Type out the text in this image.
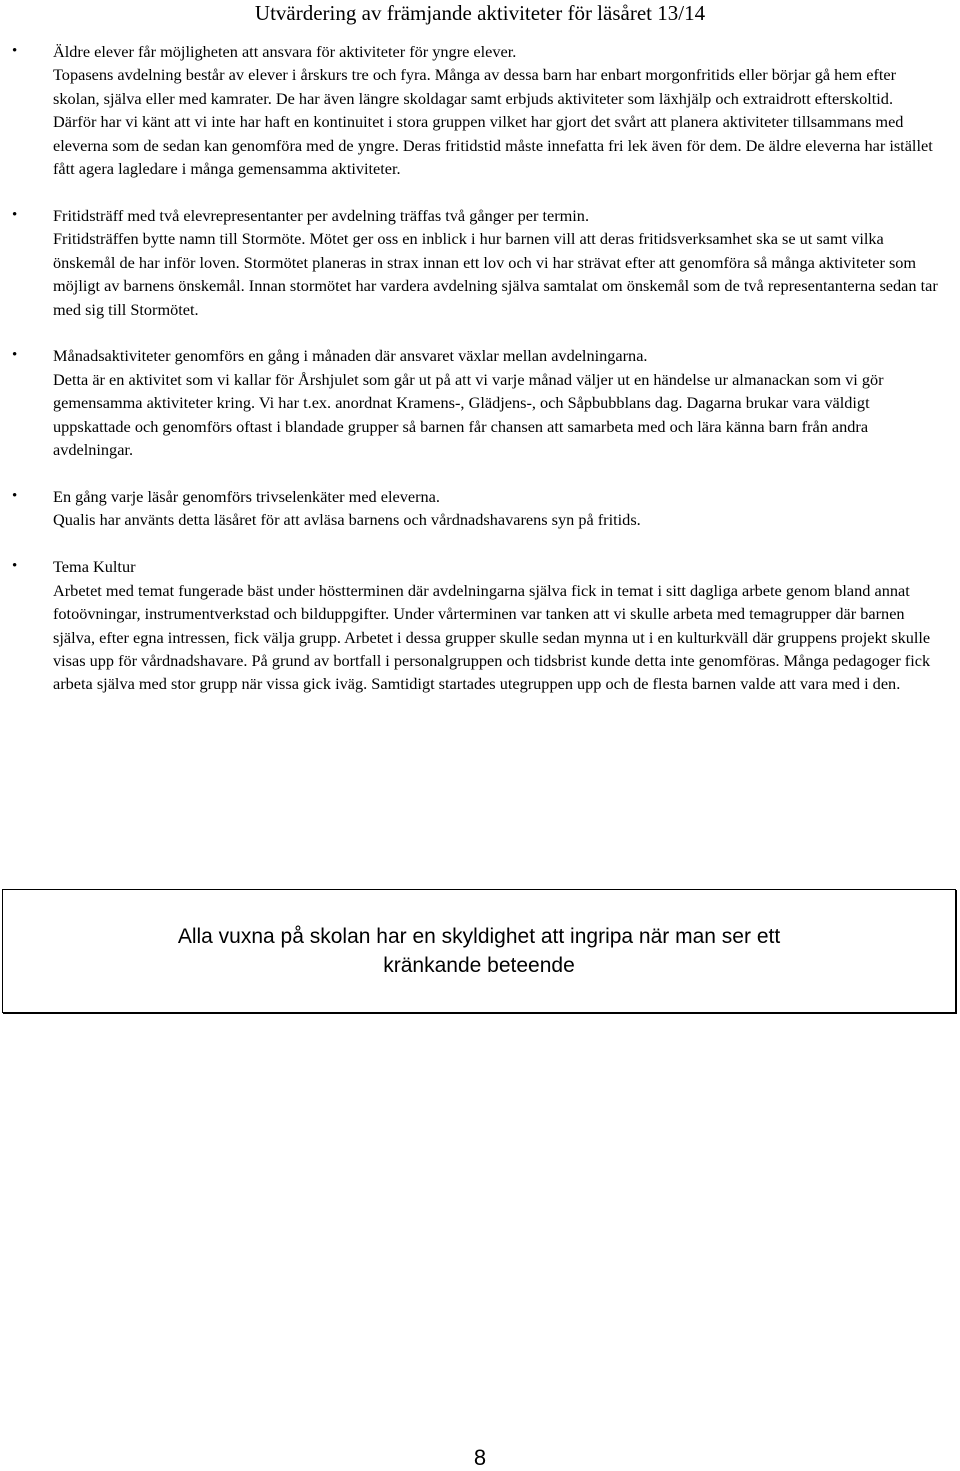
Utvärdering av främjande aktiviteter för läsåret 13/14
• Äldre elever får möjligheten att ansvara för aktiviteter för yngre elever.

Topasens avdelning består av elever i årskurs tre och fyra. Många av dessa barn har enbart morgonfritids eller börjar gå hem efter skolan, själva eller med kamrater. De har även längre skoldagar samt erbjuds aktiviteter som läxhjälp och extraidrott efterskoltid. Därför har vi känt att vi inte har haft en kontinuitet i stora gruppen vilket har gjort det svårt att planera aktiviteter tillsammans med eleverna som de sedan kan genomföra med de yngre. Deras fritidstid måste innefatta fri lek även för dem. De äldre eleverna har istället fått agera lagledare i många gemensamma aktiviteter.

• Fritidsträff med två elevrepresentanter per avdelning träffas två gånger per termin.

Fritidsträffen bytte namn till Stormöte. Mötet ger oss en inblick i hur barnen vill att deras fritidsverksamhet ska se ut samt vilka önskemål de har inför loven. Stormötet planeras in strax innan ett lov och vi har strävat efter att genomföra så många aktiviteter som möjligt av barnens önskemål. Innan stormötet har vardera avdelning själva samtalat om önskemål som de två representanterna sedan tar med sig till Stormötet.

• Månadsaktiviteter genomförs en gång i månaden där ansvaret växlar mellan avdelningarna.

Detta är en aktivitet som vi kallar för Årshjulet som går ut på att vi varje månad väljer ut en händelse ur almanackan som vi gör gemensamma aktiviteter kring. Vi har t.ex. anordnat Kramens-, Glädjens-, och Såpbubblans dag. Dagarna brukar vara väldigt uppskattade och genomförs oftast i blandade grupper så barnen får chansen att samarbeta med och lära känna barn från andra avdelningar.

• En gång varje läsår genomförs trivselenkäter med eleverna.

Qualis har använts detta läsåret för att avläsa barnens och vårdnadshavarens syn på fritids.

• Tema Kultur

Arbetet med temat fungerade bäst under höstterminen där avdelningarna själva fick in temat i sitt dagliga arbete genom bland annat fotoövningar, instrumentverkstad och bilduppgifter. Under vårterminen var tanken att vi skulle arbeta med temagrupper där barnen själva, efter egna intressen, fick välja grupp. Arbetet i dessa grupper skulle sedan mynna ut i en kulturkväll där gruppens projekt skulle visas upp för vårdnadshavare. På grund av bortfall i personalgruppen och tidsbrist kunde detta inte genomföras. Många pedagoger fick arbeta själva med stor grupp när vissa gick iväg. Samtidigt startades utegruppen upp och de flesta barnen valde att vara med i den.

Alla vuxna på skolan har en skyldighet att ingripa när man ser ett kränkande beteende
8
